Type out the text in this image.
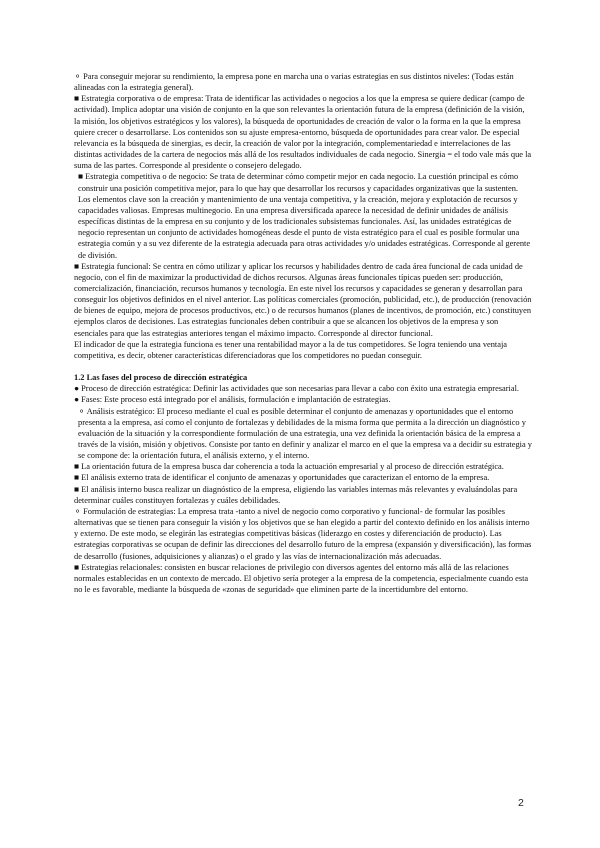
⚬ Para conseguir mejorar su rendimiento, la empresa pone en marcha una o varias estrategias en sus distintos niveles: (Todas están alineadas con la estrategia general).

■ Estrategia corporativa o de empresa: Trata de identificar las actividades o negocios a los que la empresa se quiere dedicar (campo de actividad). Implica adoptar una visión de conjunto en la que son relevantes la orientación futura de la empresa (definición de la visión, la misión, los objetivos estratégicos y los valores), la búsqueda de oportunidades de creación de valor o la forma en la que la empresa quiere crecer o desarrollarse. Los contenidos son su ajuste empresa-entorno, búsqueda de oportunidades para crear valor. De especial relevancia es la búsqueda de sinergias, es decir, la creación de valor por la integración, complementariedad e interrelaciones de las distintas actividades de la cartera de negocios más allá de los resultados individuales de cada negocio. Sinergia = el todo vale más que la suma de las partes. Corresponde al presidente o consejero delegado.

■ Estrategia competitiva o de negocio: Se trata de determinar cómo competir mejor en cada negocio. La cuestión principal es cómo construir una posición competitiva mejor, para lo que hay que desarrollar los recursos y capacidades organizativas que la sustenten. Los elementos clave son la creación y mantenimiento de una ventaja competitiva, y la creación, mejora y explotación de recursos y capacidades valiosas. Empresas multinegocio. En una empresa diversificada aparece la necesidad de definir unidades de análisis específicas distintas de la empresa en su conjunto y de los tradicionales subsistemas funcionales. Así, las unidades estratégicas de negocio representan un conjunto de actividades homogéneas desde el punto de vista estratégico para el cual es posible formular una estrategia común y a su vez diferente de la estrategia adecuada para otras actividades y/o unidades estratégicas. Corresponde al gerente de división.

■ Estrategia funcional: Se centra en cómo utilizar y aplicar los recursos y habilidades dentro de cada área funcional de cada unidad de negocio, con el fin de maximizar la productividad de dichos recursos. Algunas áreas funcionales típicas pueden ser: producción, comercialización, financiación, recursos humanos y tecnología. En este nivel los recursos y capacidades se generan y desarrollan para conseguir los objetivos definidos en el nivel anterior. Las políticas comerciales (promoción, publicidad, etc.), de producción (renovación de bienes de equipo, mejora de procesos productivos, etc.) o de recursos humanos (planes de incentivos, de promoción, etc.) constituyen ejemplos claros de decisiones. Las estrategias funcionales deben contribuir a que se alcancen los objetivos de la empresa y son esenciales para que las estrategias anteriores tengan el máximo impacto. Corresponde al director funcional.

El indicador de que la estrategia funciona es tener una rentabilidad mayor a la de tus competidores. Se logra teniendo una ventaja competitiva, es decir, obtener características diferenciadoras que los competidores no puedan conseguir.

1.2 Las fases del proceso de dirección estratégica

● Proceso de dirección estratégica: Definir las actividades que son necesarias para llevar a cabo con éxito una estrategia empresarial.

● Fases: Este proceso está integrado por el análisis, formulación e implantación de estrategias.

⚬ Análisis estratégico: El proceso mediante el cual es posible determinar el conjunto de amenazas y oportunidades que el entorno presenta a la empresa, así como el conjunto de fortalezas y debilidades de la misma forma que permita a la dirección un diagnóstico y evaluación de la situación y la correspondiente formulación de una estrategia, una vez definida la orientación básica de la empresa a través de la visión, misión y objetivos. Consiste por tanto en definir y analizar el marco en el que la empresa va a decidir su estrategia y se compone de: la orientación futura, el análisis externo, y el interno.

■ La orientación futura de la empresa busca dar coherencia a toda la actuación empresarial y al proceso de dirección estratégica.

■ El análisis externo trata de identificar el conjunto de amenazas y oportunidades que caracterizan el entorno de la empresa.

■ El análisis interno busca realizar un diagnóstico de la empresa, eligiendo las variables internas más relevantes y evaluándolas para determinar cuáles constituyen fortalezas y cuáles debilidades.

⚬ Formulación de estrategias: La empresa trata -tanto a nivel de negocio como corporativo y funcional- de formular las posibles alternativas que se tienen para conseguir la visión y los objetivos que se han elegido a partir del contexto definido en los análisis interno y externo. De este modo, se elegirán las estrategias competitivas básicas (liderazgo en costes y diferenciación de producto). Las estrategias corporativas se ocupan de definir las direcciones del desarrollo futuro de la empresa (expansión y diversificación), las formas de desarrollo (fusiones, adquisiciones y alianzas) o el grado y las vías de internacionalización más adecuadas.

■ Estrategias relacionales: consisten en buscar relaciones de privilegio con diversos agentes del entorno más allá de las relaciones normales establecidas en un contexto de mercado. El objetivo sería proteger a la empresa de la competencia, especialmente cuando esta no le es favorable, mediante la búsqueda de «zonas de seguridad» que eliminen parte de la incertidumbre del entorno.

2
